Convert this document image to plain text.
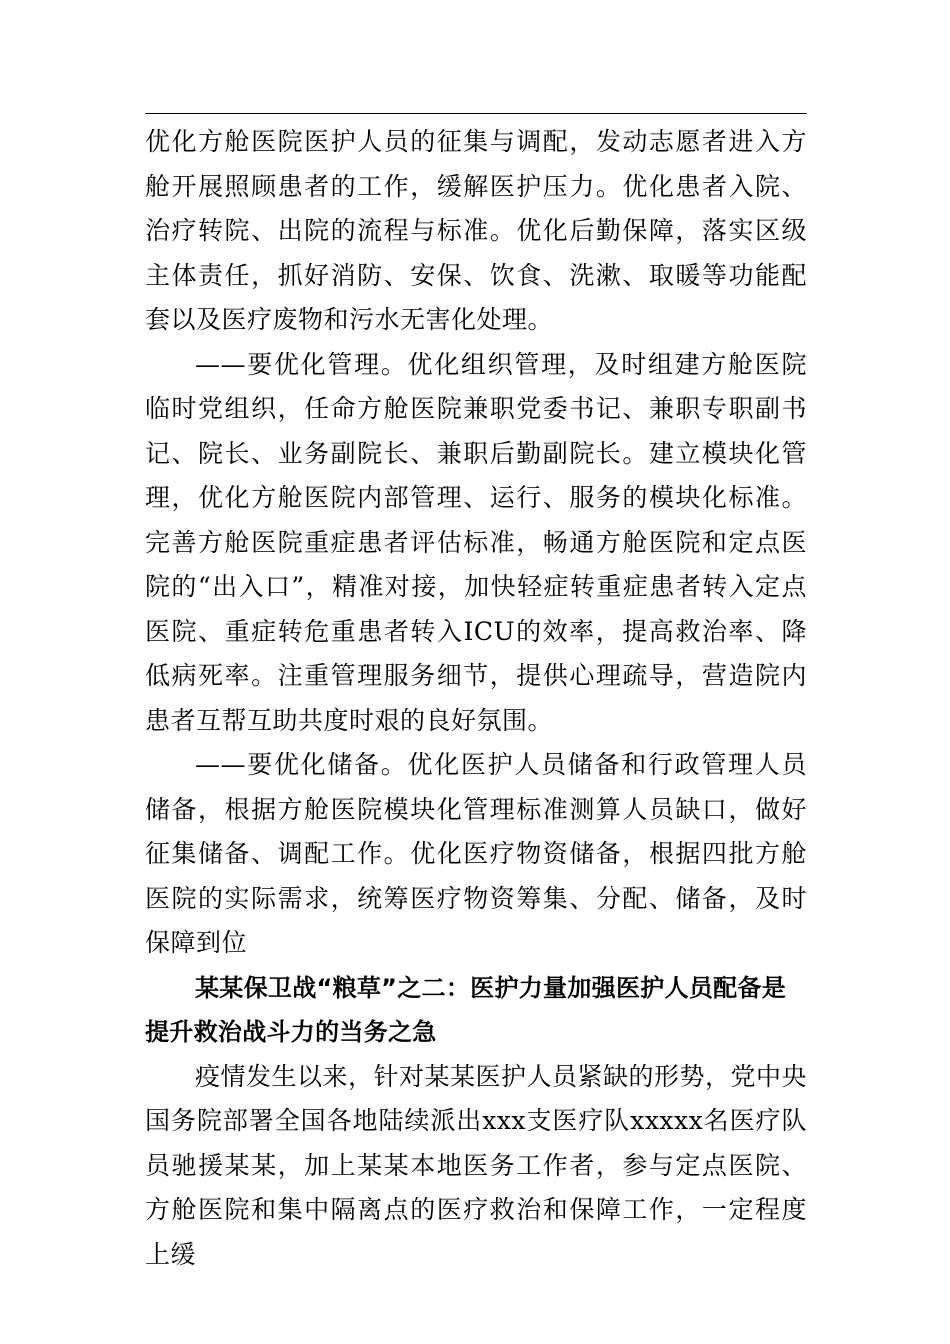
优化方舱医院医护人员的征集与调配，发动志愿者进入方舱开展照顾患者的工作，缓解医护压力。优化患者入院、治疗转院、出院的流程与标准。优化后勤保障，落实区级主体责任，抓好消防、安保、饮食、洗漱、取暖等功能配套以及医疗废物和污水无害化处理。

——要优化管理。优化组织管理，及时组建方舱医院临时党组织，任命方舱医院兼职党委书记、兼职专职副书记、院长、业务副院长、兼职后勤副院长。建立模块化管理，优化方舱医院内部管理、运行、服务的模块化标准。完善方舱医院重症患者评估标准，畅通方舱医院和定点医院的“出入口”，精准对接，加快轻症转重症患者转入定点医院、重症转危重患者转入ICU的效率，提高救治率、降低病死率。注重管理服务细节，提供心理疏导，营造院内患者互帮互助共度时艰的良好氛围。

——要优化储备。优化医护人员储备和行政管理人员储备，根据方舱医院模块化管理标准测算人员缺口，做好征集储备、调配工作。优化医疗物资储备，根据四批方舱医院的实际需求，统筹医疗物资筹集、分配、储备，及时保障到位

某某保卫战“粮草”之二：医护力量加强医护人员配备是提升救治战斗力的当务之急

疫情发生以来，针对某某医护人员紧缺的形势，党中央国务院部署全国各地陆续派出xxx支医疗队xxxxx名医疗队员驰援某某，加上某某本地医务工作者，参与定点医院、方舱医院和集中隔离点的医疗救治和保障工作，一定程度上缓
